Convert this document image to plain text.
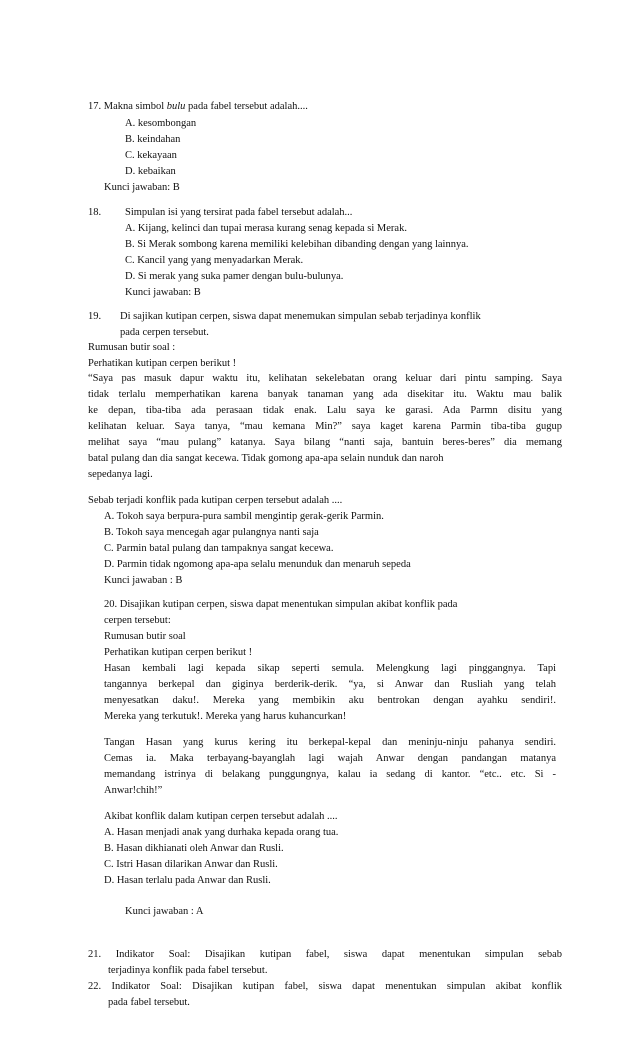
17. Makna simbol bulu pada fabel tersebut adalah....
A. kesombongan
B. keindahan
C. kekayaan
D. kebaikan
Kunci jawaban: B
18. Simpulan isi yang tersirat pada fabel tersebut adalah...
A. Kijang, kelinci dan tupai merasa kurang senag kepada si Merak.
B. Si Merak sombong karena memiliki kelebihan dibanding dengan yang lainnya.
C. Kancil yang yang menyadarkan Merak.
D. Si merak yang suka pamer dengan bulu-bulunya.
Kunci jawaban: B
19. Di sajikan kutipan cerpen, siswa dapat menemukan simpulan sebab terjadinya konflik
pada cerpen tersebut.
Rumusan butir soal :
Perhatikan kutipan cerpen berikut !
“Saya pas masuk dapur waktu itu, kelihatan sekelebatan orang keluar dari pintu samping. Saya
tidak terlalu memperhatikan karena banyak tanaman yang ada disekitar itu. Waktu mau balik
ke depan, tiba-tiba ada perasaan tidak enak. Lalu saya ke garasi. Ada Parmn disitu yang
kelihatan keluar. Saya tanya, “mau kemana Min?” saya kaget karena Parmin tiba-tiba gugup
melihat saya “mau pulang” katanya. Saya bilang “nanti saja, bantuin beres-beres” dia memang
batal pulang dan dia sangat kecewa. Tidak gomong apa-apa selain nunduk dan naroh
sepedanya lagi.
Sebab terjadi konflik pada kutipan cerpen tersebut adalah ....
A. Tokoh saya berpura-pura sambil mengintip gerak-gerik Parmin.
B. Tokoh saya mencegah agar pulangnya nanti saja
C. Parmin batal pulang dan tampaknya sangat kecewa.
D. Parmin tidak ngomong apa-apa selalu menunduk dan menaruh sepeda
Kunci jawaban : B
20. Disajikan kutipan cerpen, siswa dapat menentukan simpulan akibat konflik pada
cerpen tersebut:
Rumusan butir soal
Perhatikan kutipan cerpen berikut !
Hasan kembali lagi kepada sikap seperti semula. Melengkung lagi pinggangnya. Tapi
tangannya berkepal dan giginya berderik-derik. “ya, si Anwar dan Rusliah yang telah
menyesatkan daku!. Mereka yang membikin aku bentrokan dengan ayahku sendiri!.
Mereka yang terkutuk!. Mereka yang harus kuhancurkan!
Tangan Hasan yang kurus kering itu berkepal-kepal dan meninju-ninju pahanya sendiri.
Cemas ia. Maka terbayang-bayanglah lagi wajah Anwar dengan pandangan matanya
memandang istrinya di belakang punggungnya, kalau ia sedang di kantor. “etc.. etc. Si -
Anwar!chih!”
Akibat konflik dalam kutipan cerpen tersebut adalah ....
A. Hasan menjadi anak yang durhaka kepada orang tua.
B. Hasan dikhianati oleh Anwar dan Rusli.
C. Istri Hasan dilarikan Anwar dan Rusli.
D. Hasan terlalu pada Anwar dan Rusli.
Kunci jawaban : A
21. Indikator Soal: Disajikan kutipan fabel, siswa dapat menentukan simpulan sebab
terjadinya konflik pada fabel tersebut.
22. Indikator Soal: Disajikan kutipan fabel, siswa dapat menentukan simpulan akibat konflik
pada fabel tersebut.
